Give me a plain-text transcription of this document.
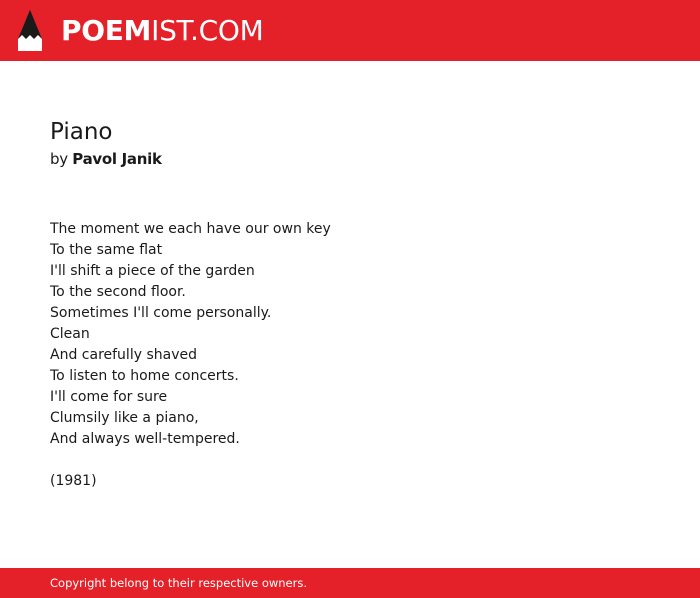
POEMIST.COM
Piano
by Pavol Janik
The moment we each have our own key
To the same flat
I'll shift a piece of the garden
To the second floor.
Sometimes I'll come personally.
Clean
And carefully shaved
To listen to home concerts.
I'll come for sure
Clumsily like a piano,
And always well-tempered.
(1981)
Copyright belong to their respective owners.
